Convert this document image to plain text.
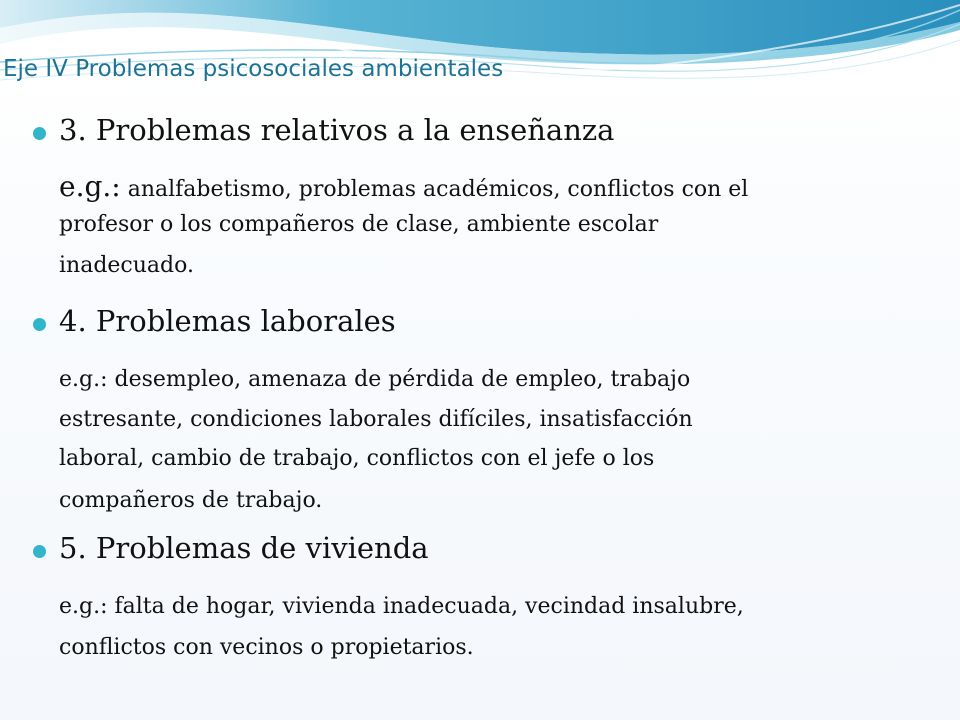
Eje IV Problemas psicosociales ambientales
3. Problemas relativos a la enseñanza
e.g.: analfabetismo, problemas académicos, conflictos con el
profesor o los compañeros de clase, ambiente escolar
inadecuado.
4. Problemas laborales
e.g.: desempleo, amenaza de pérdida de empleo, trabajo
estresante, condiciones laborales difíciles, insatisfacción
laboral, cambio de trabajo, conflictos con el jefe o los
compañeros de trabajo.
5. Problemas de vivienda
e.g.: falta de hogar, vivienda inadecuada, vecindad insalubre,
conflictos con vecinos o propietarios.
